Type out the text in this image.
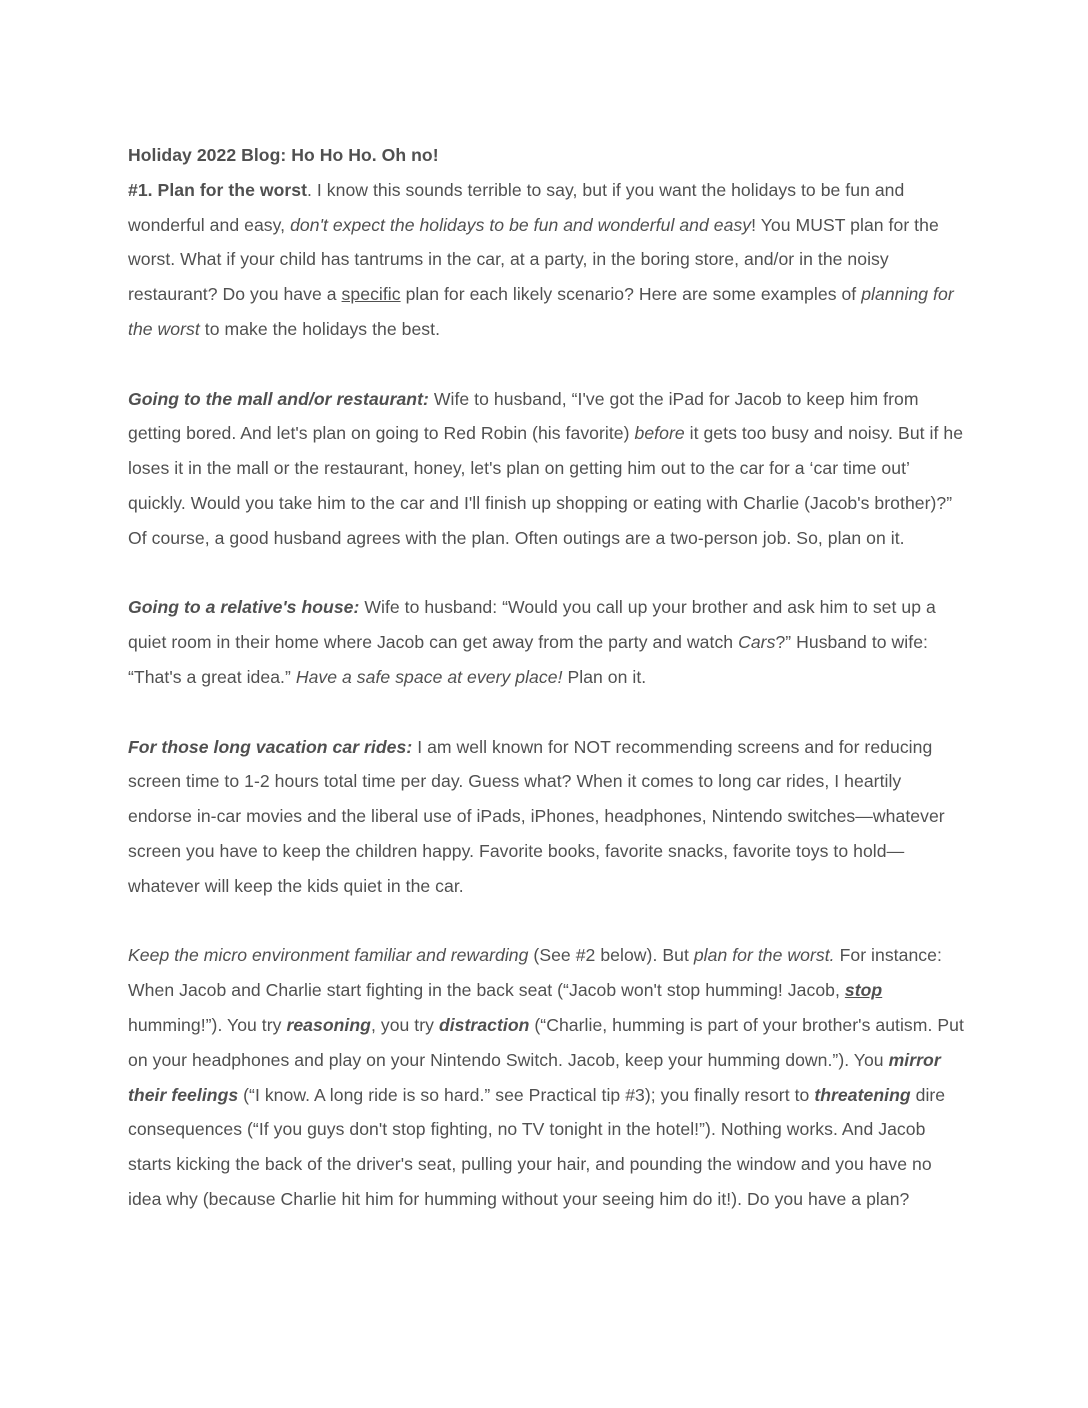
Holiday 2022 Blog: Ho Ho Ho. Oh no!

#1. Plan for the worst. I know this sounds terrible to say, but if you want the holidays to be fun and wonderful and easy, don't expect the holidays to be fun and wonderful and easy! You MUST plan for the worst. What if your child has tantrums in the car, at a party, in the boring store, and/or in the noisy restaurant? Do you have a specific plan for each likely scenario? Here are some examples of planning for the worst to make the holidays the best.

Going to the mall and/or restaurant: Wife to husband, “I've got the iPad for Jacob to keep him from getting bored. And let's plan on going to Red Robin (his favorite) before it gets too busy and noisy. But if he loses it in the mall or the restaurant, honey, let's plan on getting him out to the car for a ‘car time out’ quickly. Would you take him to the car and I'll finish up shopping or eating with Charlie (Jacob's brother)?” Of course, a good husband agrees with the plan. Often outings are a two-person job. So, plan on it.

Going to a relative's house: Wife to husband: “Would you call up your brother and ask him to set up a quiet room in their home where Jacob can get away from the party and watch Cars?” Husband to wife: “That's a great idea.” Have a safe space at every place! Plan on it.

For those long vacation car rides: I am well known for NOT recommending screens and for reducing screen time to 1-2 hours total time per day. Guess what? When it comes to long car rides, I heartily endorse in-car movies and the liberal use of iPads, iPhones, headphones, Nintendo switches—whatever screen you have to keep the children happy. Favorite books, favorite snacks, favorite toys to hold—whatever will keep the kids quiet in the car.

Keep the micro environment familiar and rewarding (See #2 below). But plan for the worst. For instance: When Jacob and Charlie start fighting in the back seat (“Jacob won't stop humming! Jacob, stop humming!”). You try reasoning, you try distraction (“Charlie, humming is part of your brother's autism. Put on your headphones and play on your Nintendo Switch. Jacob, keep your humming down.”). You mirror their feelings (“I know. A long ride is so hard.” see Practical tip #3); you finally resort to threatening dire consequences (“If you guys don't stop fighting, no TV tonight in the hotel!”). Nothing works. And Jacob starts kicking the back of the driver's seat, pulling your hair, and pounding the window and you have no idea why (because Charlie hit him for humming without your seeing him do it!). Do you have a plan?
